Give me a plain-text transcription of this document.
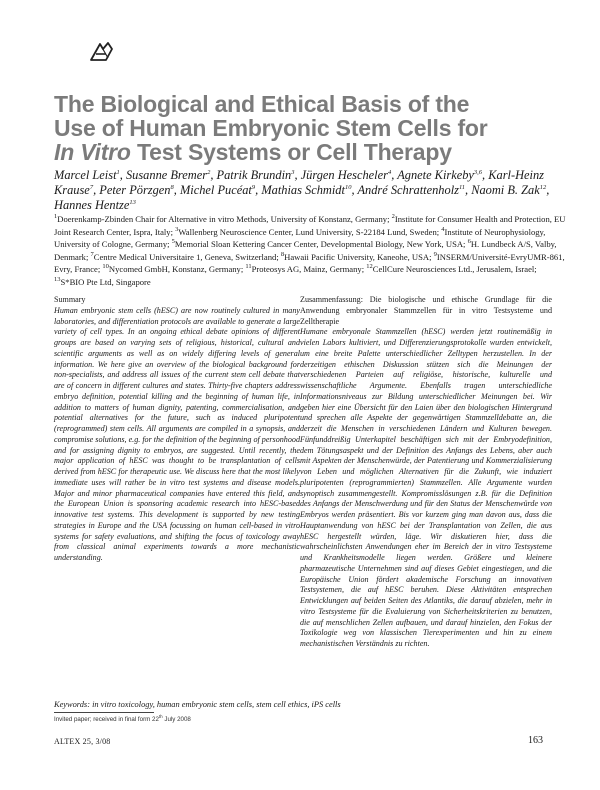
The Biological and Ethical Basis of the
Use of Human Embryonic Stem Cells for
In Vitro Test Systems or Cell Therapy
Marcel Leist$^1$, Susanne Bremer$^2$, Patrik Brundin$^3$, Jürgen Hescheler$^4$, Agnete Kirkeby$^{3,6}$, Karl-Heinz Krause$^7$, Peter Pörzgen$^8$, Michel Pucéat$^9$, Mathias Schmidt$^{10}$, André Schrattenholz$^{11}$, Naomi B. Zak$^{12}$, Hannes Hentze$^{13}$
$^1$Doerenkamp-Zbinden Chair for Alternative in vitro Methods, University of Konstanz, Germany; $^2$Institute for Consumer Health and Protection, EU Joint Research Center, Ispra, Italy; $^3$Wallenberg Neuroscience Center, Lund University, S-22184 Lund, Sweden; $^4$Institute of Neurophysiology, University of Cologne, Germany; $^5$Memorial Sloan Kettering Cancer Center, Developmental Biology, New York, USA; $^6$H. Lundbeck A/S, Valby, Denmark; $^7$Centre Medical Universitaire 1, Geneva, Switzerland; $^8$Hawaii Pacific University, Kaneohe, USA; $^9$INSERM/Université-EvryUMR-861, Evry, France; $^{10}$Nycomed GmbH, Konstanz, Germany; $^{11}$Proteosys AG, Mainz, Germany; $^{12}$CellCure Neurosciences Ltd., Jerusalem, Israel; $^{13}$S*BIO Pte Ltd, Singapore
Summary
Human embryonic stem cells (hESC) are now routinely cultured in many laboratories, and differentiation protocols are available to generate a large variety of cell types. In an ongoing ethical debate opinions of different groups are based on varying sets of religious, historical, cultural and scientific arguments as well as on widely differing levels of general information. We here give an overview of the biological background for non-specialists, and address all issues of the current stem cell debate that are of concern in different cultures and states. Thirty-five chapters address embryo definition, potential killing and the beginning of human life, in addition to matters of human dignity, patenting, commercialisation, and potential alternatives for the future, such as induced pluripotent (reprogrammed) stem cells. All arguments are compiled in a synopsis, and compromise solutions, e.g. for the definition of the beginning of personhood and for assigning dignity to embryos, are suggested. Until recently, the major application of hESC was thought to be transplantation of cells derived from hESC for therapeutic use. We discuss here that the most likely immediate uses will rather be in vitro test systems and disease models. Major and minor pharmaceutical companies have entered this field, and the European Union is sponsoring academic research into hESC-based innovative test systems. This development is supported by new testing strategies in Europe and the USA focussing on human cell-based in vitro systems for safety evaluations, and shifting the focus of toxicology away from classical animal experiments towards a more mechanistic understanding.
Zusammenfassung: Die biologische und ethische Grundlage für die Anwendung embryonaler Stammzellen für in vitro Testsysteme und Zelltherapie
Humane embryonale Stammzellen (hESC) werden jetzt routinemäßig in vielen Labors kultiviert, und Differenzierungsprotokolle wurden entwickelt, um eine breite Palette unterschiedlicher Zelltypen herzustellen. In der derzeitigen ethischen Diskussion stützen sich die Meinungen der verschiedenen Parteien auf religiöse, historische, kulturelle und wissenschaftliche Argumente. Ebenfalls tragen unterschiedliche Informationsniveaus zur Bildung unterschiedlicher Meinungen bei. Wir geben hier eine Übersicht für den Laien über den biologischen Hintergrund und sprechen alle Aspekte der gegenwärtigen Stammzelldebatte an, die derzeit die Menschen in verschiedenen Ländern und Kulturen bewegen. Fünfunddreißig Unterkapitel beschäftigen sich mit der Embryodefinition, dem Tötungsaspekt und der Definition des Anfangs des Lebens, aber auch mit Aspekten der Menschenwürde, der Patentierung und Kommerzialisierung von Leben und möglichen Alternativen für die Zukunft, wie induziert pluripotenten (reprogrammierten) Stammzellen. Alle Argumente wurden synoptisch zusammengestellt. Kompromisslösungen z.B. für die Definition des Anfangs der Menschwerdung und für den Status der Menschenwürde von Embryos werden präsentiert. Bis vor kurzem ging man davon aus, dass die Hauptanwendung von hESC bei der Transplantation von Zellen, die aus hESC hergestellt würden, läge. Wir diskutieren hier, dass die wahrscheinlichsten Anwendungen eher im Bereich der in vitro Testsysteme und Krankheitsmodelle liegen werden. Größere und kleinere pharmazeutische Unternehmen sind auf dieses Gebiet eingestiegen, und die Europäische Union fördert akademische Forschung an innovativen Testsystemen, die auf hESC beruhen. Diese Aktivitäten entsprechen Entwicklungen auf beiden Seiten des Atlantiks, die darauf abzielen, mehr in vitro Testsysteme für die Evaluierung von Sicherheitskriterien zu benutzen, die auf menschlichen Zellen aufbauen, und darauf hinzielen, den Fokus der Toxikologie weg von klassischen Tierexperimenten und hin zu einem mechanistischen Verständnis zu richten.
Keywords: in vitro toxicology, human embryonic stem cells, stem cell ethics, iPS cells
Invited paper; received in final form 22th July 2008
ALTEX 25, 3/08	163
